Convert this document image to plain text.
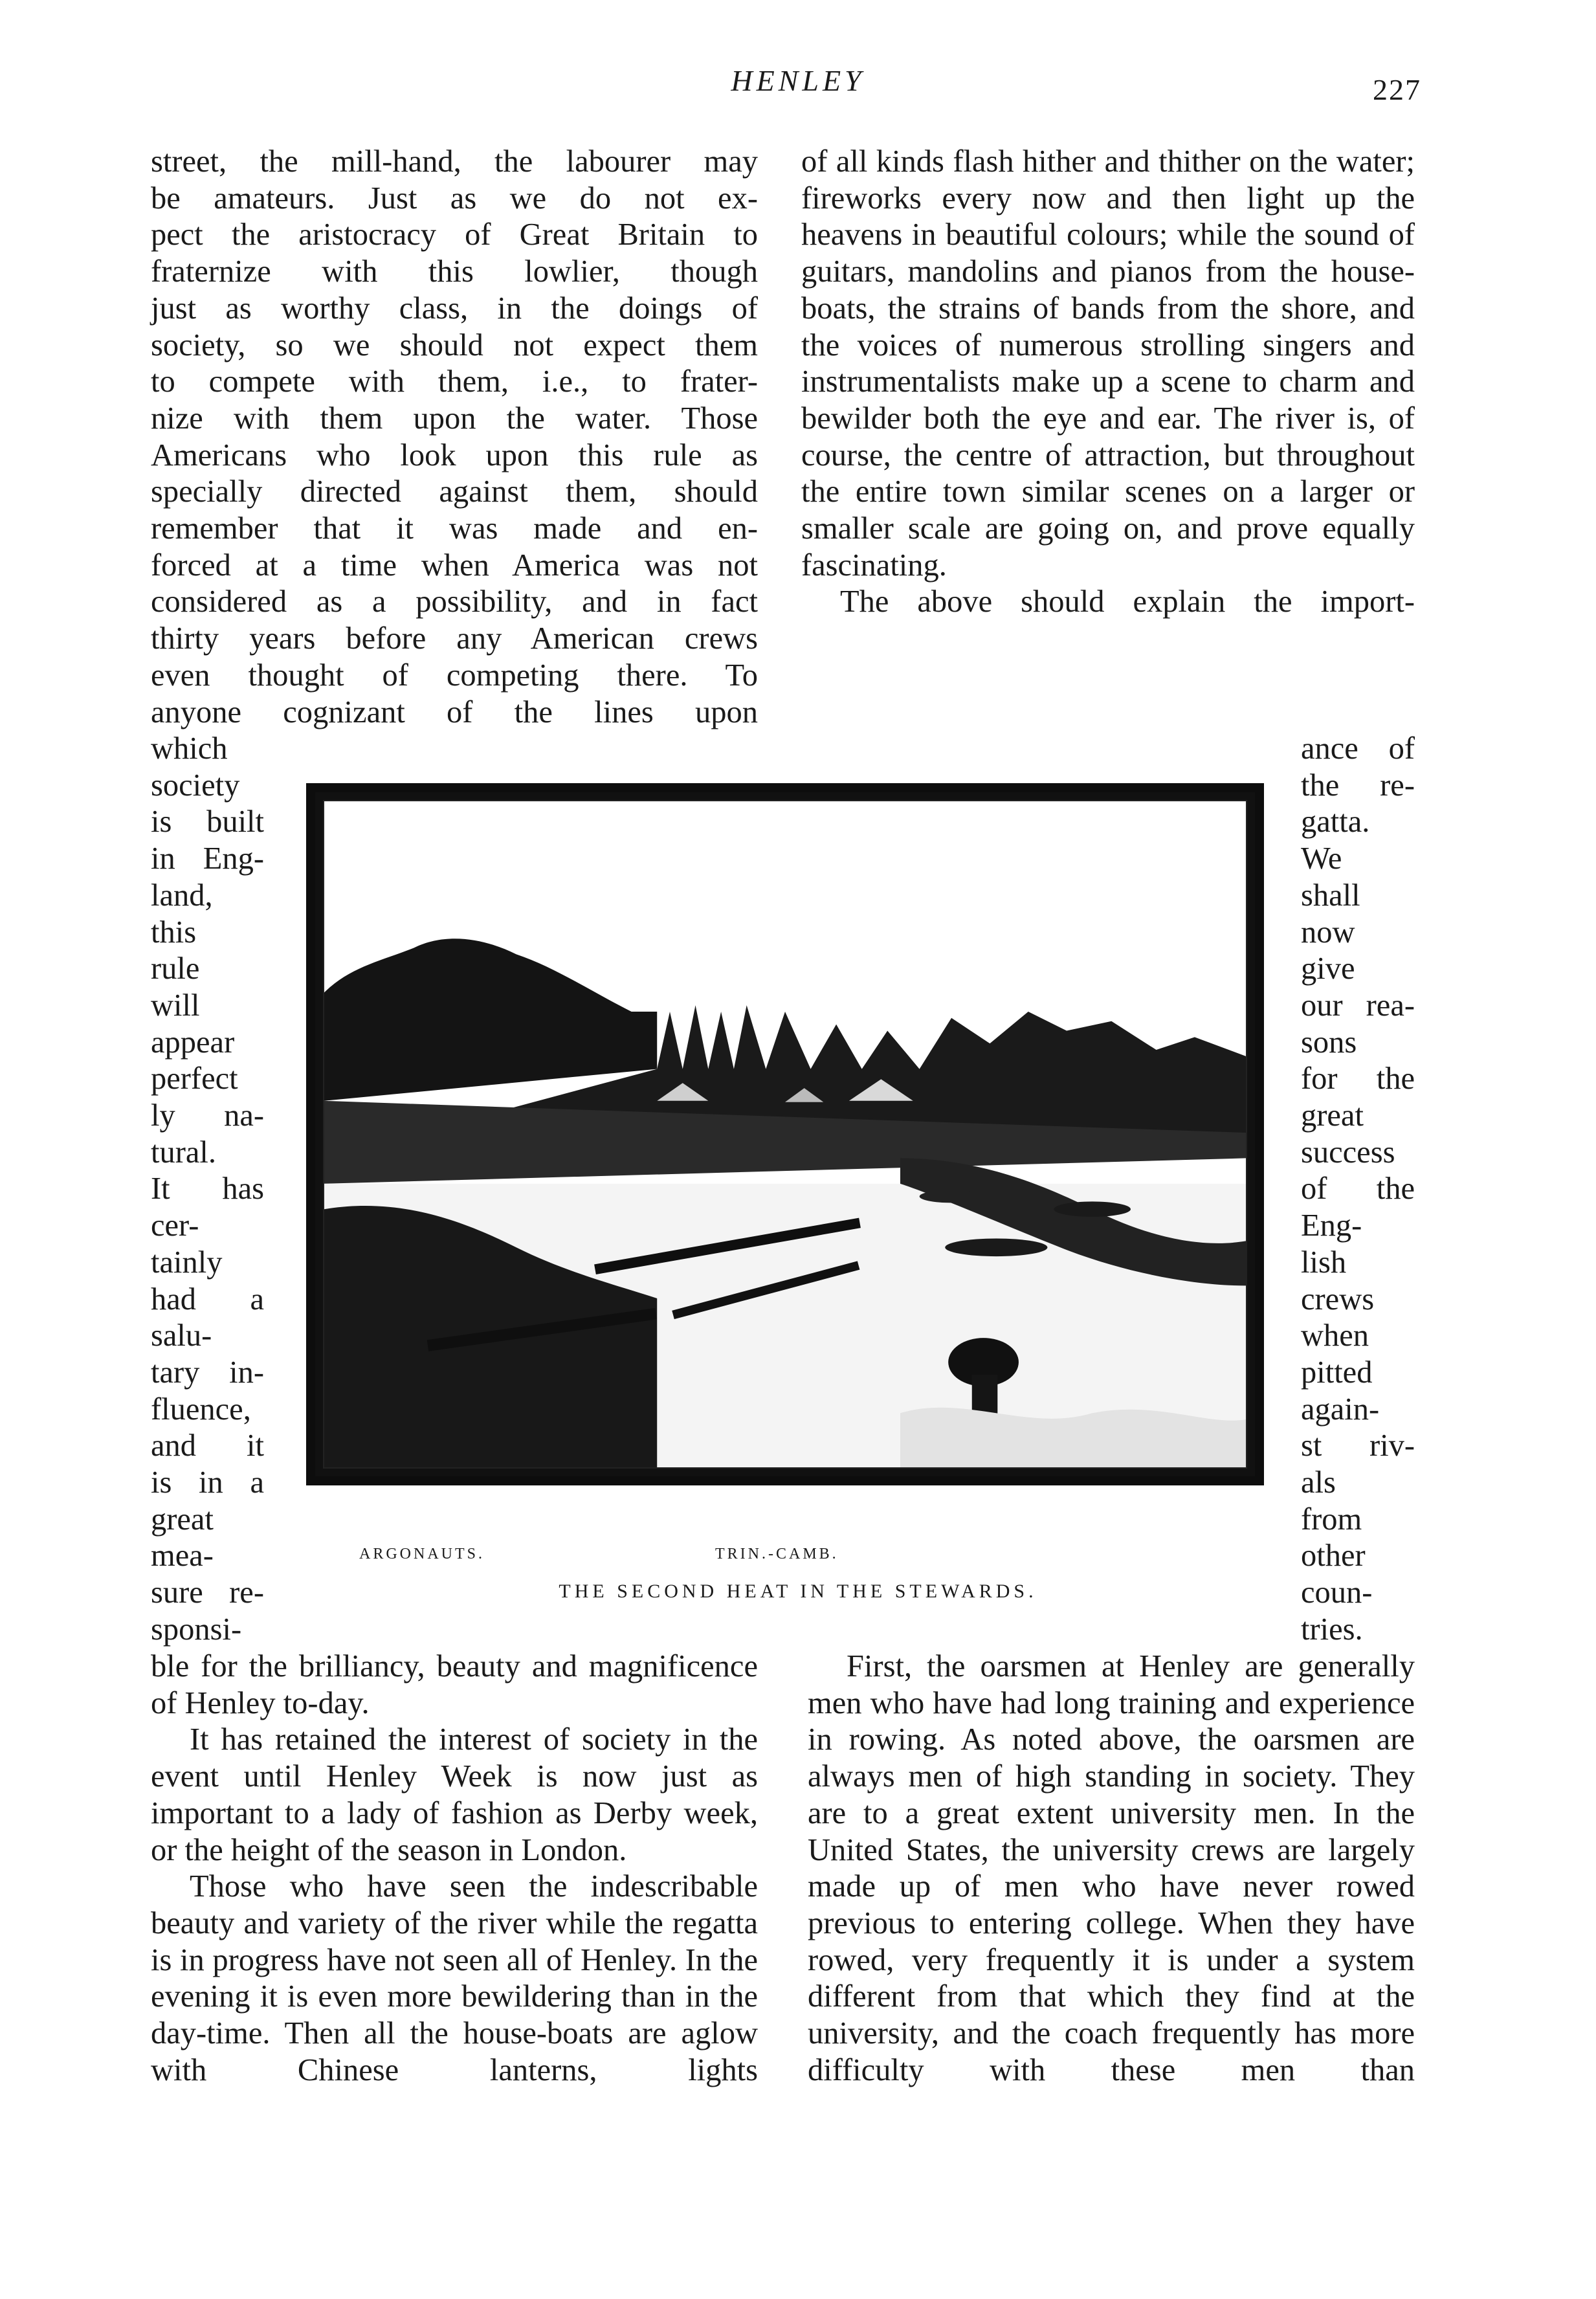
HENLEY	227

street, the mill-hand, the labourer may

be amateurs. Just as we do not ex-

pect the aristocracy of Great Britain to

fraternize with this lowlier, though

just as worthy class, in the doings of

society, so we should not expect them

to compete with them, i.e., to frater-

nize with them upon the water. Those

Americans who look upon this rule as

specially directed against them, should

remember that it was made and en-

forced at a time when America was not

considered as a possibility, and in fact

thirty years before any American crews

even thought of competing there. To

anyone cognizant of the lines upon

which
society
is built
in Eng-
land,
this
rule
will
appear
perfect
ly na-
tural.
It has
cer-
tainly
had a
salu-
tary in-
fluence,
and it
is in a
great
mea-
sure re-
sponsi-

ble for the brilliancy, beauty and magnificence of Henley to-day.

It has retained the interest of society in the event until Henley Week is now just as important to a lady of fashion as Derby week, or the height of the season in London.

Those who have seen the indescribable beauty and variety of the river while the regatta is in progress have not seen all of Henley. In the evening it is even more bewildering than in the day-time. Then all the house-boats are aglow with Chinese lanterns, lights

of all kinds flash hither and thither on the water; fireworks every now and then light up the heavens in beautiful colours; while the sound of guitars, mandolins and pianos from the house-boats, the strains of bands from the shore, and the voices of numerous strolling singers and instrumentalists make up a scene to charm and bewilder both the eye and ear. The river is, of course, the centre of attraction, but throughout the entire town similar scenes on a larger or smaller scale are going on, and prove equally fascinating.

The above should explain the import-

ance of
the re-
gatta.
We
shall
now
give
our rea-
sons
for the
great
success
of the
Eng-
lish
crews
when
pitted
again-
st riv-
als
from
other
coun-
tries.

First, the oarsmen at Henley are generally men who have had long training and experience in rowing. As noted above, the oarsmen are always men of high standing in society. They are to a great extent university men. In the United States, the university crews are largely made up of men who have never rowed previous to entering college. When they have rowed, very frequently it is under a system different from that which they find at the university, and the coach frequently has more difficulty with these men than

ARGONAUTS.	TRIN.-CAMB.
THE SECOND HEAT IN THE STEWARDS.
